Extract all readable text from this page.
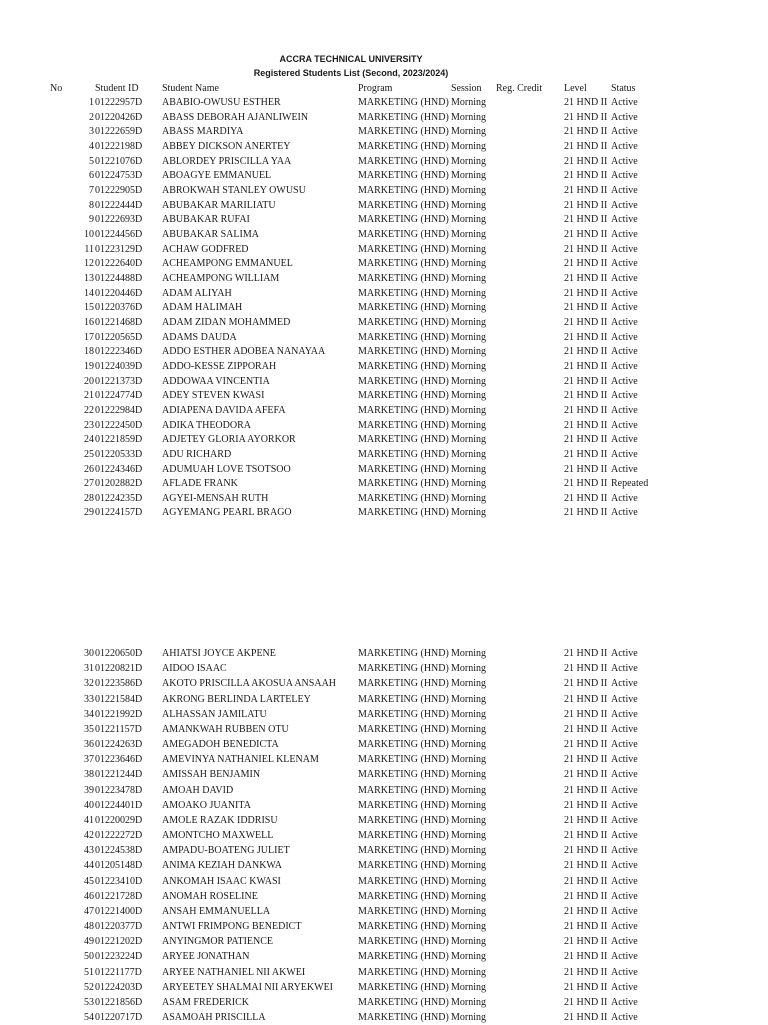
ACCRA TECHNICAL UNIVERSITY
Registered Students List (Second, 2023/2024)
No	Student ID Student Name	Program	Session Reg. Credit Level Status
1 01222957D ABABIO-OWUSU ESTHER	MARKETING (HND) Morning	21 HND II Active
2 01220426D ABASS DEBORAH AJANLIWEIN	MARKETING (HND) Morning	21 HND II Active
3 01222659D ABASS MARDIYA	MARKETING (HND) Morning	21 HND II Active
4 01222198D ABBEY DICKSON ANERTEY	MARKETING (HND) Morning	21 HND II Active
5 01221076D ABLORDEY PRISCILLA YAA	MARKETING (HND) Morning	21 HND II Active
6 01224753D ABOAGYE EMMANUEL	MARKETING (HND) Morning	21 HND II Active
7 01222905D ABROKWAH STANLEY OWUSU	MARKETING (HND) Morning	21 HND II Active
8 01222444D ABUBAKAR MARILIATU	MARKETING (HND) Morning	21 HND II Active
9 01222693D ABUBAKAR RUFAI	MARKETING (HND) Morning	21 HND II Active
10 01224456D ABUBAKAR SALIMA	MARKETING (HND) Morning	21 HND II Active
11 01223129D ACHAW GODFRED	MARKETING (HND) Morning	21 HND II Active
12 01222640D ACHEAMPONG EMMANUEL	MARKETING (HND) Morning	21 HND II Active
13 01224488D ACHEAMPONG WILLIAM	MARKETING (HND) Morning	21 HND II Active
14 01220446D ADAM ALIYAH	MARKETING (HND) Morning	21 HND II Active
15 01220376D ADAM HALIMAH	MARKETING (HND) Morning	21 HND II Active
16 01221468D ADAM ZIDAN MOHAMMED	MARKETING (HND) Morning	21 HND II Active
17 01220565D ADAMS DAUDA	MARKETING (HND) Morning	21 HND II Active
18 01222346D ADDO ESTHER ADOBEA NANAYAA	MARKETING (HND) Morning	21 HND II Active
19 01224039D ADDO-KESSE ZIPPORAH	MARKETING (HND) Morning	21 HND II Active
20 01221373D ADDOWAA VINCENTIA	MARKETING (HND) Morning	21 HND II Active
21 01224774D ADEY STEVEN KWASI	MARKETING (HND) Morning	21 HND II Active
22 01222984D ADIAPENA DAVIDA AFEFA	MARKETING (HND) Morning	21 HND II Active
23 01222450D ADIKA THEODORA	MARKETING (HND) Morning	21 HND II Active
24 01221859D ADJETEY GLORIA AYORKOR	MARKETING (HND) Morning	21 HND II Active
25 01220533D ADU RICHARD	MARKETING (HND) Morning	21 HND II Active
26 01224346D ADUMUAH LOVE TSOTSOO	MARKETING (HND) Morning	21 HND II Active
27 01202882D AFLADE FRANK	MARKETING (HND) Morning	21 HND II Repeated
28 01224235D AGYEI-MENSAH RUTH	MARKETING (HND) Morning	21 HND II Active
29 01224157D AGYEMANG PEARL BRAGO	MARKETING (HND) Morning	21 HND II Active
30 01220650D AHIATSI JOYCE AKPENE	MARKETING (HND) Morning	21 HND II Active
31 01220821D AIDOO ISAAC	MARKETING (HND) Morning	21 HND II Active
32 01223586D AKOTO PRISCILLA AKOSUA ANSAAH MARKETING (HND) Morning	21 HND II Active
33 01221584D AKRONG BERLINDA LARTELEY	MARKETING (HND) Morning	21 HND II Active
34 01221992D ALHASSAN JAMILATU	MARKETING (HND) Morning	21 HND II Active
35 01221157D AMANKWAH RUBBEN OTU	MARKETING (HND) Morning	21 HND II Active
36 01224263D AMEGADOH BENEDICTA	MARKETING (HND) Morning	21 HND II Active
37 01223646D AMEVINYA NATHANIEL KLENAM	MARKETING (HND) Morning	21 HND II Active
38 01221244D AMISSAH BENJAMIN	MARKETING (HND) Morning	21 HND II Active
39 01223478D AMOAH DAVID	MARKETING (HND) Morning	21 HND II Active
40 01224401D AMOAKO JUANITA	MARKETING (HND) Morning	21 HND II Active
41 01220029D AMOLE RAZAK IDDRISU	MARKETING (HND) Morning	21 HND II Active
42 01222272D AMONTCHO MAXWELL	MARKETING (HND) Morning	21 HND II Active
43 01224538D AMPADU-BOATENG JULIET	MARKETING (HND) Morning	21 HND II Active
44 01205148D ANIMA KEZIAH DANKWA	MARKETING (HND) Morning	21 HND II Active
45 01223410D ANKOMAH ISAAC KWASI	MARKETING (HND) Morning	21 HND II Active
46 01221728D ANOMAH ROSELINE	MARKETING (HND) Morning	21 HND II Active
47 01221400D ANSAH EMMANUELLA	MARKETING (HND) Morning	21 HND II Active
48 01220377D ANTWI FRIMPONG BENEDICT	MARKETING (HND) Morning	21 HND II Active
49 01221202D ANYINGMOR PATIENCE	MARKETING (HND) Morning	21 HND II Active
50 01223224D ARYEE JONATHAN	MARKETING (HND) Morning	21 HND II Active
51 01221177D ARYEE NATHANIEL NII AKWEI	MARKETING (HND) Morning	21 HND II Active
52 01224203D ARYEETEY SHALMAI NII ARYEKWEI MARKETING (HND) Morning	21 HND II Active
53 01221856D ASAM FREDERICK	MARKETING (HND) Morning	21 HND II Active
54 01220717D ASAMOAH PRISCILLA	MARKETING (HND) Morning	21 HND II Active
